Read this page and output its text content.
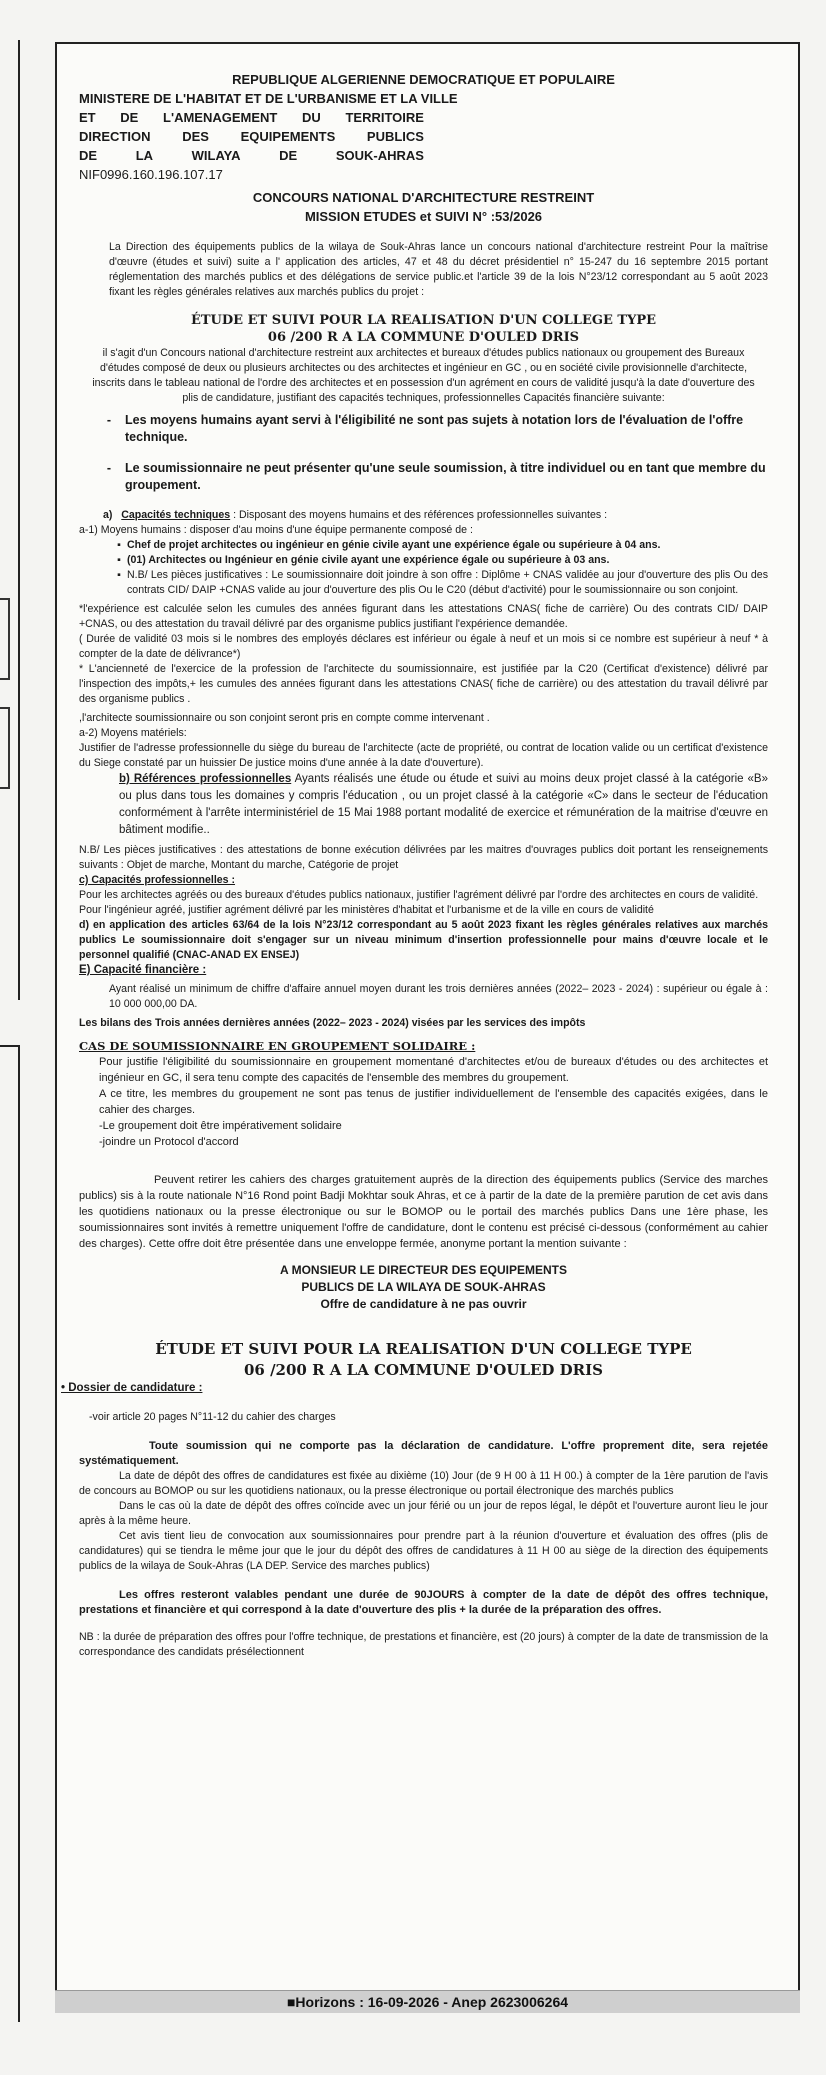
REPUBLIQUE ALGERIENNE DEMOCRATIQUE ET POPULAIRE
MINISTERE DE L'HABITAT ET DE L'URBANISME ET LA VILLE
ET DE L'AMENAGEMENT DU TERRITOIRE
DIRECTION DES EQUIPEMENTS PUBLICS
DE	LA	WILAYA	DE	SOUK-AHRAS
NIF0996.160.196.107.17
CONCOURS NATIONAL D'ARCHITECTURE RESTREINT
MISSION ETUDES et SUIVI N° :53/2026

La Direction des équipements publics de la wilaya de Souk-Ahras lance un concours national d'architecture restreint Pour la maîtrise d'œuvre (études et suivi) suite a l' application des articles, 47 et 48 du décret présidentiel n° 15-247 du 16 septembre 2015 portant réglementation des marchés publics et des délégations de service public.et l'article 39 de la lois N°23/12 correspondant au 5 août 2023 fixant les règles générales relatives aux marchés publics du projet :

ÉTUDE ET SUIVI POUR LA REALISATION D'UN COLLEGE TYPE
06 /200 R A LA COMMUNE D'OULED DRIS

il s'agit d'un Concours national d'architecture restreint aux architectes et bureaux d'études publics nationaux ou groupement des Bureaux d'études composé de deux ou plusieurs architectes ou des architectes et ingénieur en GC , ou en société civile provisionnelle d'architecte, inscrits dans le tableau national de l'ordre des architectes et en possession d'un agrément en cours de validité jusqu'à la date d'ouverture des plis de candidature, justifiant des capacités techniques, professionnelles Capacités financière suivante:

-	Les moyens humains ayant servi à l'éligibilité ne sont pas sujets à notation lors de l'évaluation de l'offre technique.
-	Le soumissionnaire ne peut présenter qu'une seule soumission, à titre individuel ou en tant que membre du groupement.

a) Capacités techniques : Disposant des moyens humains et des références professionnelles suivantes :

a-1) Moyens humains : disposer d'au moins d'une équipe permanente composé de :

▪ Chef de projet architectes ou ingénieur en génie civile ayant une expérience égale ou supérieure à 04 ans.
▪ (01) Architectes ou Ingénieur en génie civile ayant une expérience égale ou supérieure à 03 ans.
▪ N.B/ Les pièces justificatives : Le soumissionnaire doit joindre à son offre : Diplôme + CNAS validée au jour d'ouverture des plis Ou des contrats CID/ DAIP +CNAS valide au jour d'ouverture des plis Ou le C20 (début d'activité) pour le soumissionnaire ou son conjoint.

*l'expérience est calculée selon les cumules des années figurant dans les attestations CNAS( fiche de carrière) Ou des contrats CID/ DAIP +CNAS, ou des attestation du travail délivré par des organisme publics justifiant l'expérience demandée.

( Durée de validité 03 mois si le nombres des employés déclares est inférieur ou égale à neuf et un mois si ce nombre est supérieur à neuf * à compter de la date de délivrance*)

* L'ancienneté de l'exercice de la profession de l'architecte du soumissionnaire, est justifiée par la C20 (Certificat d'existence) délivré par l'inspection des impôts,+ les cumules des années figurant dans les attestations CNAS( fiche de carrière) ou des attestation du travail délivré par des organisme publics .

,l'architecte soumissionnaire ou son conjoint seront pris en compte comme intervenant .

a-2) Moyens matériels:

Justifier de l'adresse professionnelle du siège du bureau de l'architecte (acte de propriété, ou contrat de location valide ou un certificat d'existence du Siege constaté par un huissier De justice moins d'une année à la date d'ouverture).

b) Références professionnelles Ayants réalisés une étude ou étude et suivi au moins deux projet classé à la catégorie «B» ou plus dans tous les domaines y compris l'éducation , ou un projet classé à la catégorie «C» dans le secteur de l'éducation conformément à l'arrête interministériel de 15 Mai 1988 portant modalité de exercice et rémunération de la maitrise d'œuvre en bâtiment modifie..

N.B/ Les pièces justificatives : des attestations de bonne exécution délivrées par les maitres d'ouvrages publics doit portant les renseignements suivants : Objet de marche, Montant du marche, Catégorie de projet

c) Capacités professionnelles :

Pour les architectes agréés ou des bureaux d'études publics nationaux, justifier l'agrément délivré par l'ordre des architectes en cours de validité.

Pour l'ingénieur agréé, justifier agrément délivré par les ministères d'habitat et l'urbanisme et de la ville en cours de validité

d) en application des articles 63/64 de la lois N°23/12 correspondant au 5 août 2023 fixant les règles générales relatives aux marchés publics Le soumissionnaire doit s'engager sur un niveau minimum d'insertion professionnelle pour mains d'œuvre locale et le personnel qualifié (CNAC-ANAD EX ENSEJ)

E) Capacité financière :

Ayant réalisé un minimum de chiffre d'affaire annuel moyen durant les trois dernières années (2022– 2023 - 2024) : supérieur ou égale à : 10 000 000,00 DA.

Les bilans des Trois années dernières années (2022– 2023 - 2024) visées par les services des impôts

CAS DE SOUMISSIONNAIRE EN GROUPEMENT SOLIDAIRE :

Pour justifie l'éligibilité du soumissionnaire en groupement momentané d'architectes et/ou de bureaux d'études ou des architectes et ingénieur en GC, il sera tenu compte des capacités de l'ensemble des membres du groupement.

A ce titre, les membres du groupement ne sont pas tenus de justifier individuellement de l'ensemble des capacités exigées, dans le cahier des charges.

-Le groupement doit être impérativement solidaire

-joindre un Protocol d'accord

Peuvent retirer les cahiers des charges gratuitement auprès de la direction des équipements publics (Service des marches publics) sis à la route nationale N°16 Rond point Badji Mokhtar souk Ahras, et ce à partir de la date de la première parution de cet avis dans les quotidiens nationaux ou la presse électronique ou sur le BOMOP ou le portail des marchés publics Dans une 1ère phase, les soumissionnaires sont invités à remettre uniquement l'offre de candidature, dont le contenu est précisé ci-dessous (conformément au cahier des charges). Cette offre doit être présentée dans une enveloppe fermée, anonyme portant la mention suivante :

A MONSIEUR LE DIRECTEUR DES EQUIPEMENTS
PUBLICS DE LA WILAYA DE SOUK-AHRAS
Offre de candidature à ne pas ouvrir
ÉTUDE ET SUIVI POUR LA REALISATION D'UN COLLEGE TYPE
06 /200 R A LA COMMUNE D'OULED DRIS

• Dossier de candidature :

-voir article 20 pages N°11-12 du cahier des charges

Toute soumission qui ne comporte pas la déclaration de candidature. L'offre proprement dite, sera rejetée systématiquement.

La date de dépôt des offres de candidatures est fixée au dixième (10) Jour (de 9 H 00 à 11 H 00.) à compter de la 1ère parution de l'avis de concours au BOMOP ou sur les quotidiens nationaux, ou la presse électronique ou portail électronique des marchés publics

Dans le cas où la date de dépôt des offres coïncide avec un jour férié ou un jour de repos légal, le dépôt et l'ouverture auront lieu le jour après à la même heure.

Cet avis tient lieu de convocation aux soumissionnaires pour prendre part à la réunion d'ouverture et évaluation des offres (plis de candidatures) qui se tiendra le même jour que le jour du dépôt des offres de candidatures à 11 H 00 au siège de la direction des équipements publics de la wilaya de Souk-Ahras (LA DEP. Service des marches publics)

Les offres resteront valables pendant une durée de 90JOURS à compter de la date de dépôt des offres technique, prestations et financière et qui correspond à la date d'ouverture des plis + la durée de la préparation des offres.

NB : la durée de préparation des offres pour l'offre technique, de prestations et financière, est (20 jours) à compter de la date de transmission de la correspondance des candidats présélectionnent

■Horizons : 16-09-2026 - Anep 2623006264
